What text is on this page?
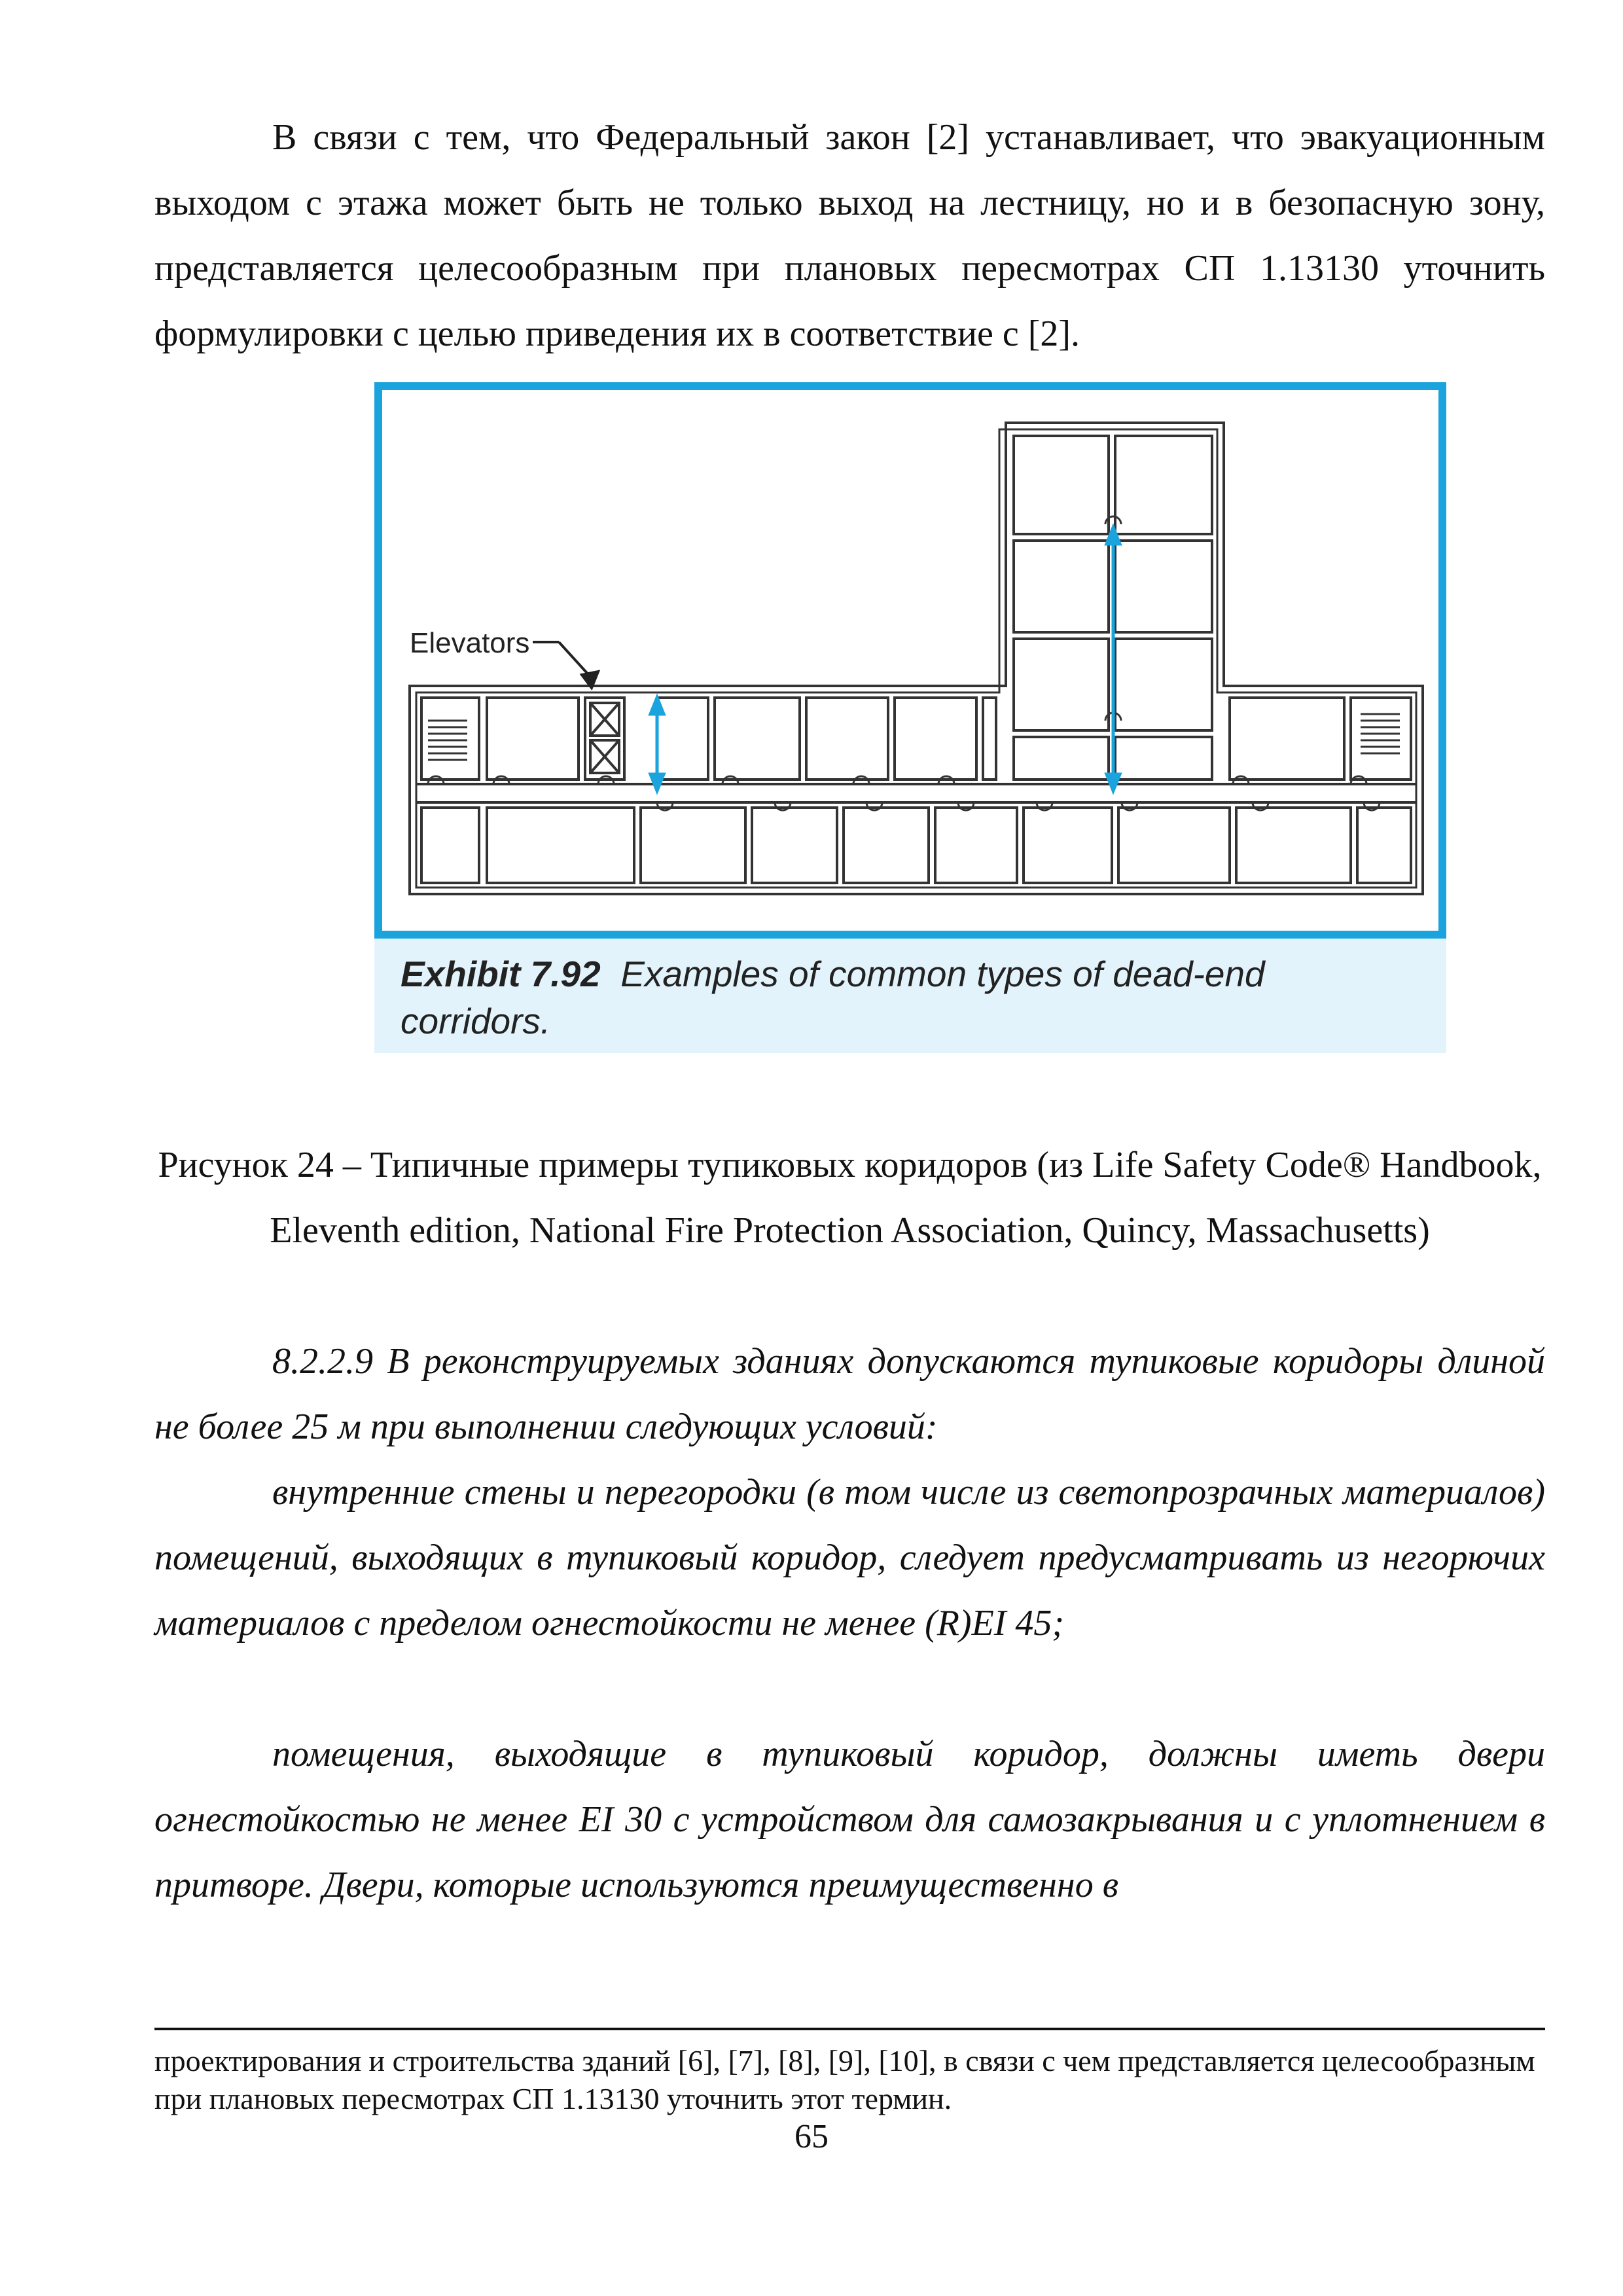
В связи с тем, что Федеральный закон [2] устанавливает, что эвакуационным выходом с этажа может быть не только выход на лестницу, но и в безопасную зону, представляется целесообразным при плановых пересмотрах СП 1.13130 уточнить формулировки с целью приведения их в соответствие с [2].

Elevators
Exhibit 7.92 Examples of common types of dead-end corridors.

Рисунок 24 – Типичные примеры тупиковых коридоров (из Life Safety Code® Handbook, Eleventh edition, National Fire Protection Association, Quincy, Massachusetts)

8.2.2.9 В реконструируемых зданиях допускаются тупиковые коридоры длиной не более 25 м при выполнении следующих условий:

внутренние стены и перегородки (в том числе из светопрозрачных материалов) помещений, выходящих в тупиковый коридор, следует предусматривать из негорючих материалов с пределом огнестойкости не менее (R)EI 45;

помещения, выходящие в тупиковый коридор, должны иметь двери огнестойкостью не менее EI 30 с устройством для самозакрывания и с уплотнением в притворе. Двери, которые используются преимущественно в

проектирования и строительства зданий [6], [7], [8], [9], [10], в связи с чем представляется целесообразным при плановых пересмотрах СП 1.13130 уточнить этот термин.

65
